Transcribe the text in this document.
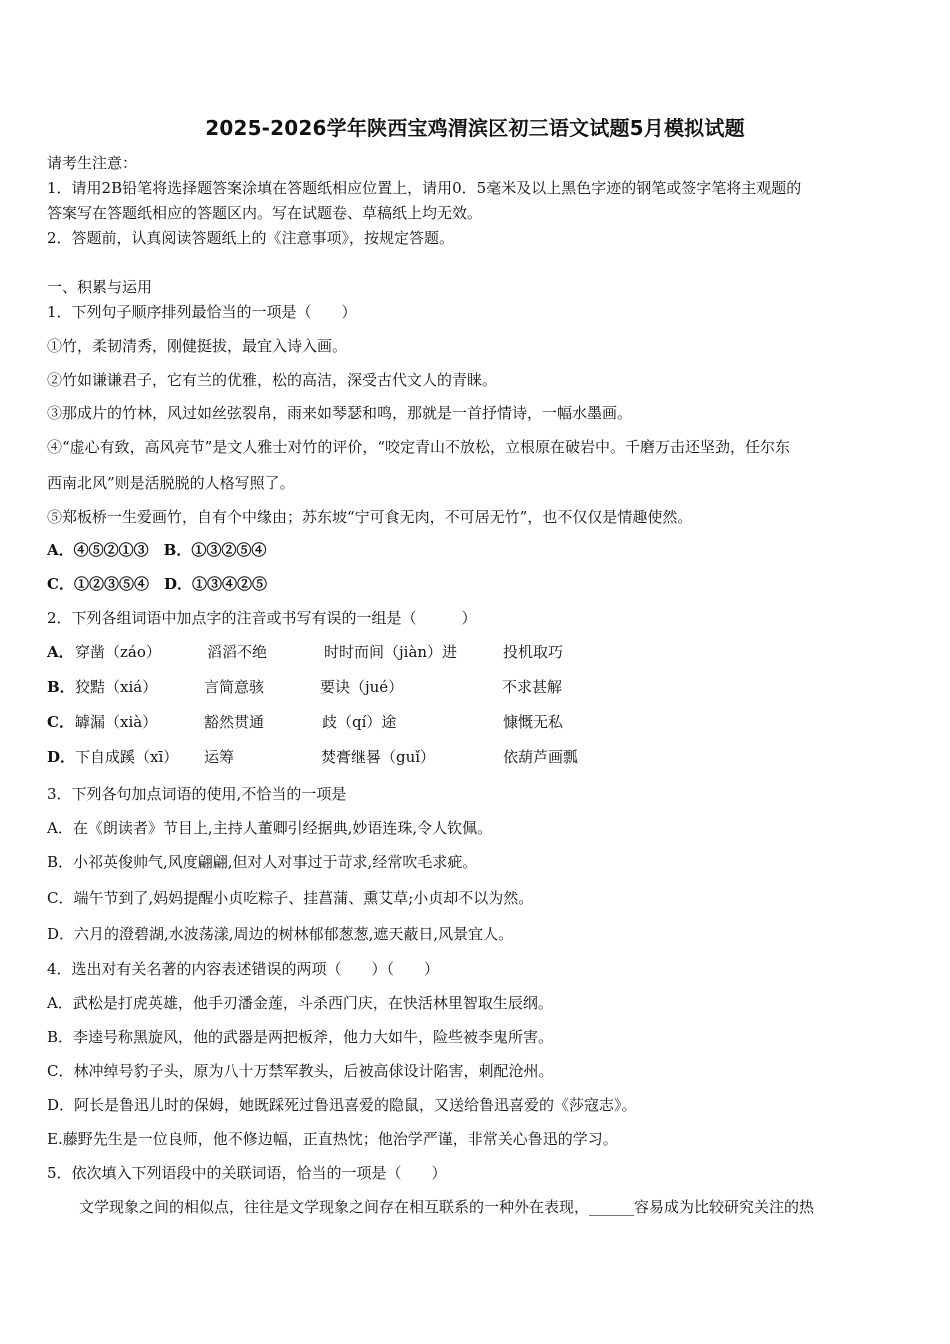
2025-2026学年陕西宝鸡渭滨区初三语文试题5月模拟试题
请考生注意：
1．请用2B铅笔将选择题答案涂填在答题纸相应位置上，请用0．5毫米及以上黑色字迹的钢笔或签字笔将主观题的
答案写在答题纸相应的答题区内。写在试题卷、草稿纸上均无效。
2．答题前，认真阅读答题纸上的《注意事项》，按规定答题。
一、积累与运用
1．下列句子顺序排列最恰当的一项是（　　）
①竹，柔韧清秀，刚健挺拔，最宜入诗入画。
②竹如谦谦君子，它有兰的优雅，松的高洁，深受古代文人的青睐。
③那成片的竹林，风过如丝弦裂帛，雨来如琴瑟和鸣，那就是一首抒情诗，一幅水墨画。
④“虚心有致，高风亮节”是文人雅士对竹的评价，“咬定青山不放松，立根原在破岩中。千磨万击还坚劲，任尔东
西南北风”则是活脱脱的人格写照了。
⑤郑板桥一生爱画竹，自有个中缘由；苏东坡“宁可食无肉，不可居无竹”，也不仅仅是情趣使然。
A．④⑤②①③　B．①③②⑤④
C．①②③⑤④　D．①③④②⑤
2．下列各组词语中加点字的注音或书写有误的一组是（　　　）
A． 穿凿（záo）	滔滔不绝	时时而间（jiàn）进	投机取巧
B． 狡黠（xiá）	言简意骇	要诀（jué）	不求甚解
C． 罅漏（xià）	豁然贯通	歧（qí）途	慷慨无私
D． 下自成蹊（xī） 运筹	焚膏继晷（guǐ）	依葫芦画瓢
3．下列各句加点词语的使用,不恰当的一项是
A．在《朗读者》节目上,主持人董卿引经据典,妙语连珠,令人钦佩。
B．小祁英俊帅气,风度翩翩,但对人对事过于苛求,经常吹毛求疵。
C．端午节到了,妈妈提醒小贞吃粽子、挂菖蒲、熏艾草;小贞却不以为然。
D．六月的澄碧湖,水波荡漾,周边的树林郁郁葱葱,遮天蔽日,风景宜人。
4．选出对有关名著的内容表述错误的两项（　　）（　　）
A．武松是打虎英雄，他手刃潘金莲，斗杀西门庆，在快活林里智取生辰纲。
B．李逵号称黑旋风，他的武器是两把板斧，他力大如牛，险些被李鬼所害。
C．林冲绰号豹子头，原为八十万禁军教头，后被高俅设计陷害，刺配沧州。
D．阿长是鲁迅儿时的保姆，她既踩死过鲁迅喜爱的隐鼠，又送给鲁迅喜爱的《莎寇志》。
E.藤野先生是一位良师，他不修边幅，正直热忱；他治学严谨，非常关心鲁迅的学习。
5．依次填入下列语段中的关联词语，恰当的一项是（　　）
文学现象之间的相似点，往往是文学现象之间存在相互联系的一种外在表现，______容易成为比较研究关注的热
